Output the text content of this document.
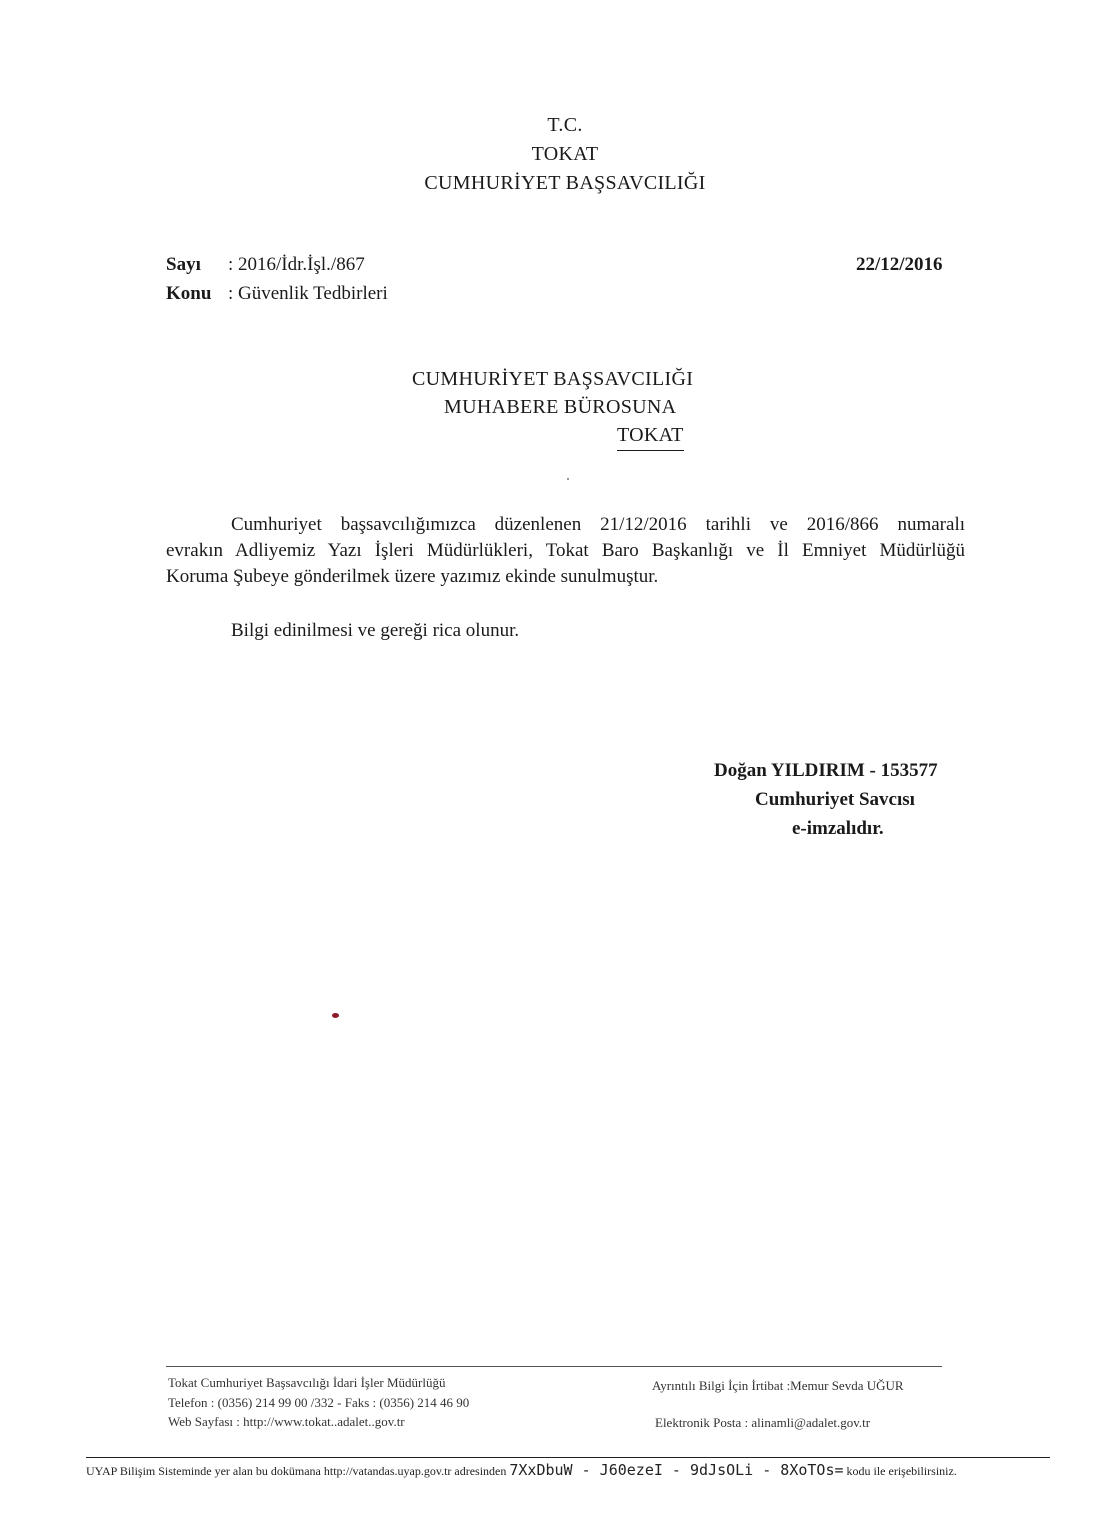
T.C.
TOKAT
CUMHURİYET BAŞSAVCILIĞI
Sayı : 2016/İdr.İşl./867
Konu : Güvenlik Tedbirleri
22/12/2016
CUMHURİYET BAŞSAVCILIĞI
MUHABERE BÜROSUNA
TOKAT
Cumhuriyet başsavcılığımızca düzenlenen 21/12/2016 tarihli ve 2016/866 numaralı
evrakın Adliyemiz Yazı İşleri Müdürlükleri, Tokat Baro Başkanlığı ve İl Emniyet Müdürlüğü
Koruma Şubeye gönderilmek üzere yazımız ekinde sunulmuştur.
Bilgi edinilmesi ve gereği rica olunur.
Doğan YILDIRIM - 153577
Cumhuriyet Savcısı
e-imzalıdır.
Tokat Cumhuriyet Başsavcılığı İdari İşler Müdürlüğü
Telefon : (0356) 214 99 00 /332 - Faks : (0356) 214 46 90
Web Sayfası : http://www.tokat..adalet..gov.tr
Ayrıntılı Bilgi İçin İrtibat :Memur Sevda UĞUR
Elektronik Posta : alinamli@adalet.gov.tr
UYAP Bilişim Sisteminde yer alan bu dokümana http://vatandas.uyap.gov.tr adresinden 7XxDbuW - J60ezeI - 9dJsOLi - 8XoTOs= kodu ile erişebilirsiniz.
